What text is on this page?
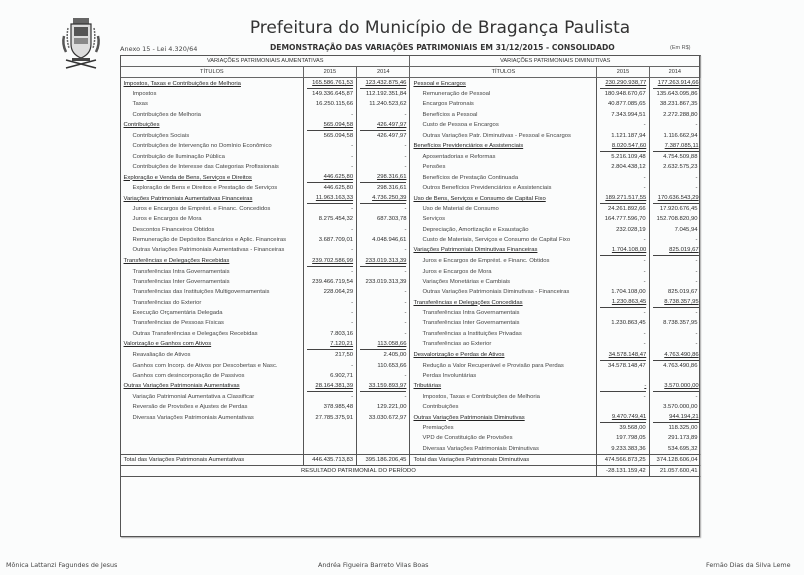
Prefeitura do Município de Bragança Paulista
Anexo 15 - Lei 4.320/64	DEMONSTRAÇÃO DAS VARIAÇÕES PATRIMONIAIS EM 31/12/2015 - CONSOLIDADO	(Em R$)
VARIAÇÕES PATRIMONIAIS AUMENTATIVAS			VARIAÇÕES PATRIMONIAIS DIMINUTIVAS		
TÍTULOS	2015	2014	TÍTULOS	2015	2014
Impostos, Taxas e Contribuições de Melhoria	165.586.761,53	123.432.875,46	Pessoal e Encargos	230.290.938,77	177.263.914,66
Impostos	149.336.645,87	112.192.351,84	Remuneração de Pessoal	180.948.670,67	135.643.095,86
Taxas	16.250.115,66	11.240.523,62	Encargos Patronais	40.877.085,65	38.231.867,35
Contribuições de Melhoria	-	-	Benefícios a Pessoal	7.343.994,51	2.272.288,80
Contribuições	565.094,58	426.497,97	Custo de Pessoa e Encargos	-	-
Contribuições Sociais	565.094,58	426.497,97	Outras Variações Patr. Diminutivas - Pessoal e Encargos	1.121.187,94	1.116.662,94
Contribuições de Intervenção no Domínio Econômico	-	-	Benefícios Previdenciários e Assistenciais	8.020.547,60	7.387.085,11
Contribuição de Iluminação Pública	-	-	Aposentadorias e Reformas	5.216.109,48	4.754.509,88
Contribuições de Interesse das Categorias Profissionais	-	-	Pensões	2.804.438,12	2.632.575,23
Exploração e Venda de Bens, Serviços e Direitos	446.625,80	298.316,61	Benefícios de Prestação Continuada	-	-
Exploração de Bens e Direitos e Prestação de Serviços	446.625,80	298.316,61	Outros Benefícios Previdenciários e Assistenciais	-	-
Variações Patrimoniais Aumentativas Financeiras	11.963.163,33	4.736.250,39	Uso de Bens, Serviços e Consumo de Capital Fixo	189.271.517,55	170.636.543,29
Juros e Encargos de Emprést. e Financ. Concedidos	-	-	Uso de Material de Consumo	24.261.892,66	17.920.676,45
Juros e Encargos de Mora	8.275.454,32	687.303,78	Serviços	164.777.596,70	152.708.820,90
Descontos Financeiros Obtidos	-	-	Depreciação, Amortização e Exaustação	232.028,19	7.045,94
Remuneração de Depósitos Bancários e Aplic. Financeiras	3.687.709,01	4.048.946,61	Custo de Materiais, Serviços e Consumo de Capital Fixo	-	-
Outras Variações Patrimoniais Aumentativas - Financeiras	-	-	Variações Patrimoniais Diminutivas Financeiras	1.704.108,00	825.019,67
Transferências e Delegações Recebidas	239.702.586,99	233.019.313,39	Juros e Encargos de Emprést. e Financ. Obtidos	-	-
Transferências Intra Governamentais	-	-	Juros e Encargos de Mora	-	-
Transferências Inter Governamentais	239.466.719,54	233.019.313,39	Variações Monetárias e Cambiais	-	-
Transferências das Instituições Multigovernamentais	228.064,29	-	Outras Variações Patrimoniais Diminutivas - Financeiras	1.704.108,00	825.019,67
Transferências do Exterior	-	-	Transferências e Delegações Concedidas	1.230.863,45	8.738.357,95
Execução Orçamentária Delegada	-	-	Transferências Intra Governamentais	-	-
Transferências de Pessoas Físicas	-	-	Transferências Inter Governamentais	1.230.863,45	8.738.357,95
Outras Transferências e Delegações Recebidas	7.803,16	-	Transferências a Instituições Privadas	-	-
Valorização e Ganhos com Ativos	7.120,21	113.058,66	Transferências ao Exterior	-	-
Reavaliação de Ativos	217,50	2.405,00	Desvalorização e Perdas de Ativos	34.578.148,47	4.763.490,86
Ganhos com Incorp. de Ativos por Descobertas e Nasc.	-	110.653,66	Redução a Valor Recuperável e Provisão para Perdas	34.578.148,47	4.763.490,86
Ganhos com desincorporação de Passivos	6.902,71	-	Perdas Involuntárias		
Outras Variações Patrimoniais Aumentativas	28.164.381,39	33.159.893,97	Tributárias	-	3.570.000,00
Variação Patrimonial Aumentativa a Classificar	-	-	Impostos, Taxas e Contribuições de Melhoria	-	-
Reversão de Provisões e Ajustes de Perdas	378.985,48	129.221,00	Contribuições		3.570.000,00
Diversas Variações Patrimoniais Aumentativas	27.785.375,91	33.030.672,97	Outras Variações Patrimoniais Diminutivas	9.470.749,41	944.194,21
			Premiações	39.568,00	118.325,00
			VPD de Constituição de Provisões	197.798,05	291.173,89
			Diversas Variações Patrimoniais Diminutivas	9.233.383,36	534.695,32
Total das Variações Patrimonais Aumentativas	446.435.713,83	395.186.206,45	Total das Variações Patrimonais Diminutivas	474.566.873,25	374.128.606,04
RESULTADO PATRIMONIAL DO PERÍODO				-28.131.159,42	21.057.600,41
Mônica Lattanzi Fagundes de Jesus	Andréa Figueira Barreto Vilas Boas	Fernão Dias da Silva Leme
